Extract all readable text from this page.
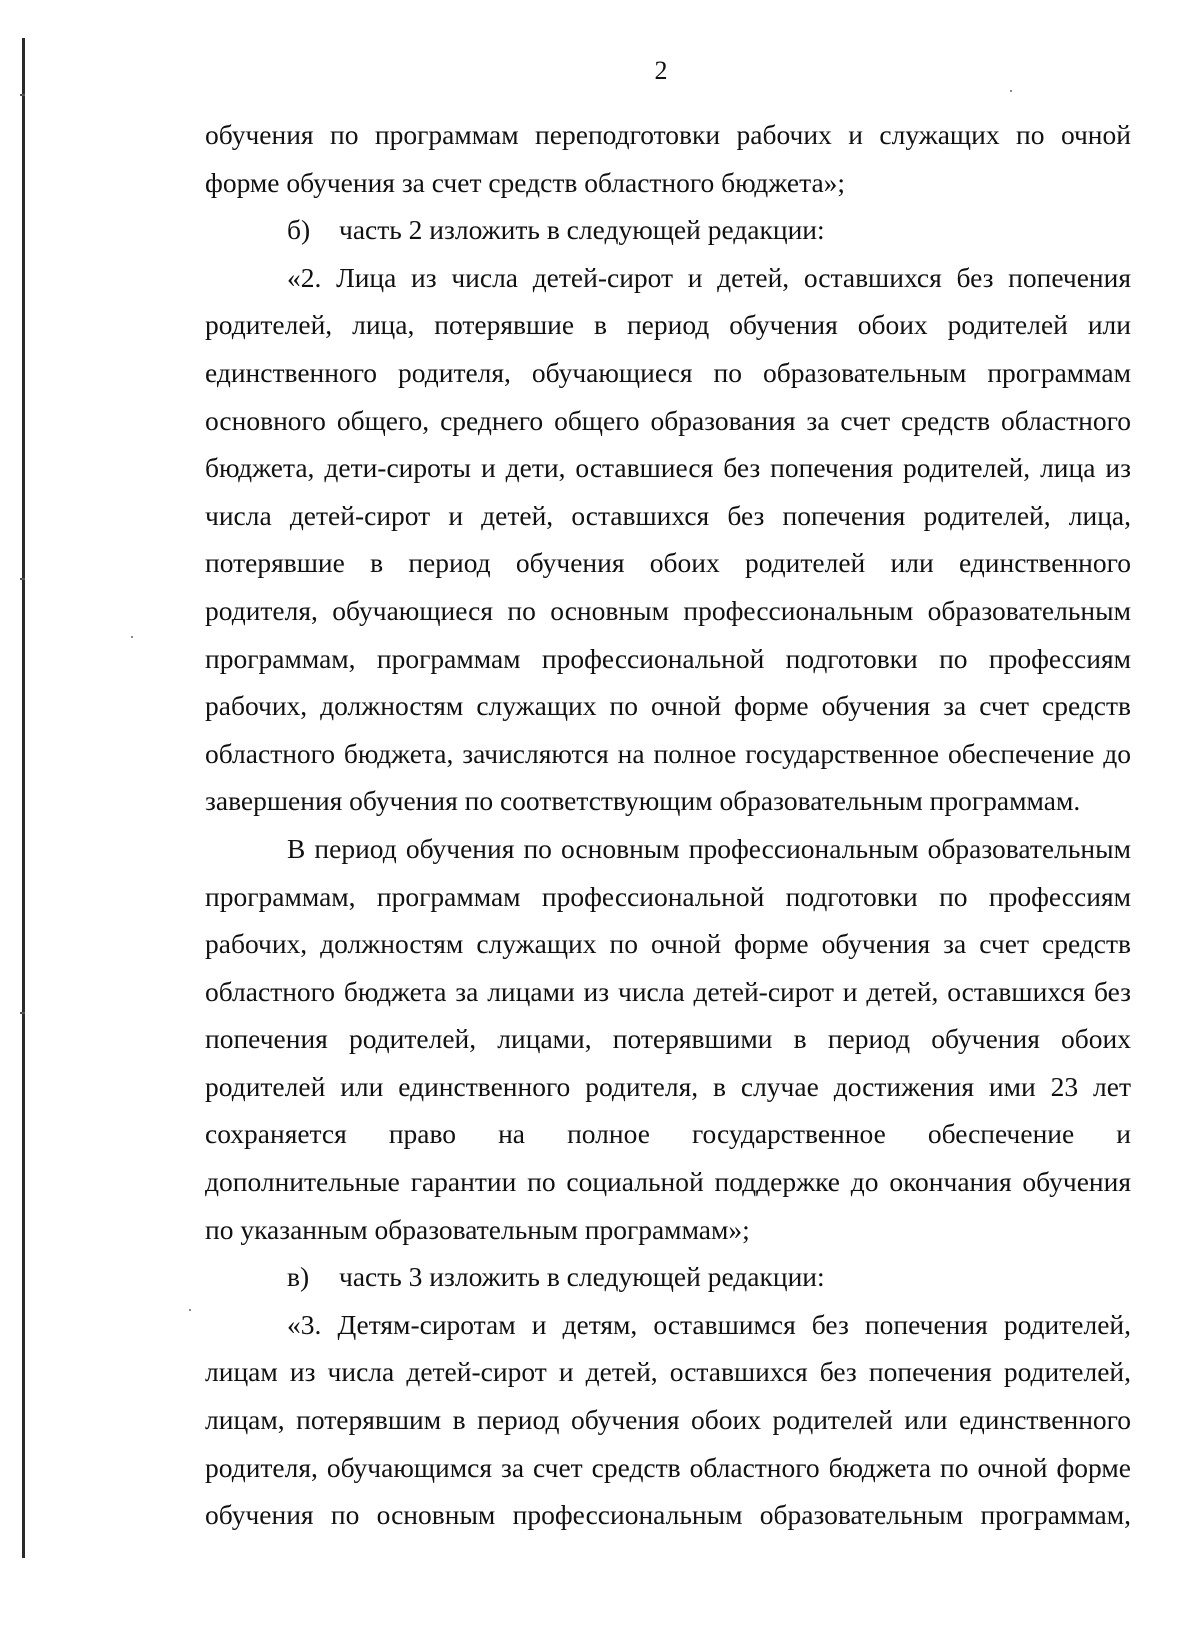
2
обучения по программам переподготовки рабочих и служащих по очной
форме обучения за счет средств областного бюджета»;
б) часть 2 изложить в следующей редакции:
«2. Лица из числа детей-сирот и детей, оставшихся без попечения
родителей, лица, потерявшие в период обучения обоих родителей или
единственного родителя, обучающиеся по образовательным программам
основного общего, среднего общего образования за счет средств областного
бюджета, дети-сироты и дети, оставшиеся без попечения родителей, лица из
числа детей-сирот и детей, оставшихся без попечения родителей, лица,
потерявшие в период обучения обоих родителей или единственного
родителя, обучающиеся по основным профессиональным образовательным
программам, программам профессиональной подготовки по профессиям
рабочих, должностям служащих по очной форме обучения за счет средств
областного бюджета, зачисляются на полное государственное обеспечение до
завершения обучения по соответствующим образовательным программам.
В период обучения по основным профессиональным образовательным
программам, программам профессиональной подготовки по профессиям
рабочих, должностям служащих по очной форме обучения за счет средств
областного бюджета за лицами из числа детей-сирот и детей, оставшихся без
попечения родителей, лицами, потерявшими в период обучения обоих
родителей или единственного родителя, в случае достижения ими 23 лет
сохраняется право на полное государственное обеспечение и
дополнительные гарантии по социальной поддержке до окончания обучения
по указанным образовательным программам»;
в) часть 3 изложить в следующей редакции:
«3. Детям-сиротам и детям, оставшимся без попечения родителей,
лицам из числа детей-сирот и детей, оставшихся без попечения родителей,
лицам, потерявшим в период обучения обоих родителей или единственного
родителя, обучающимся за счет средств областного бюджета по очной форме
обучения по основным профессиональным образовательным программам,
